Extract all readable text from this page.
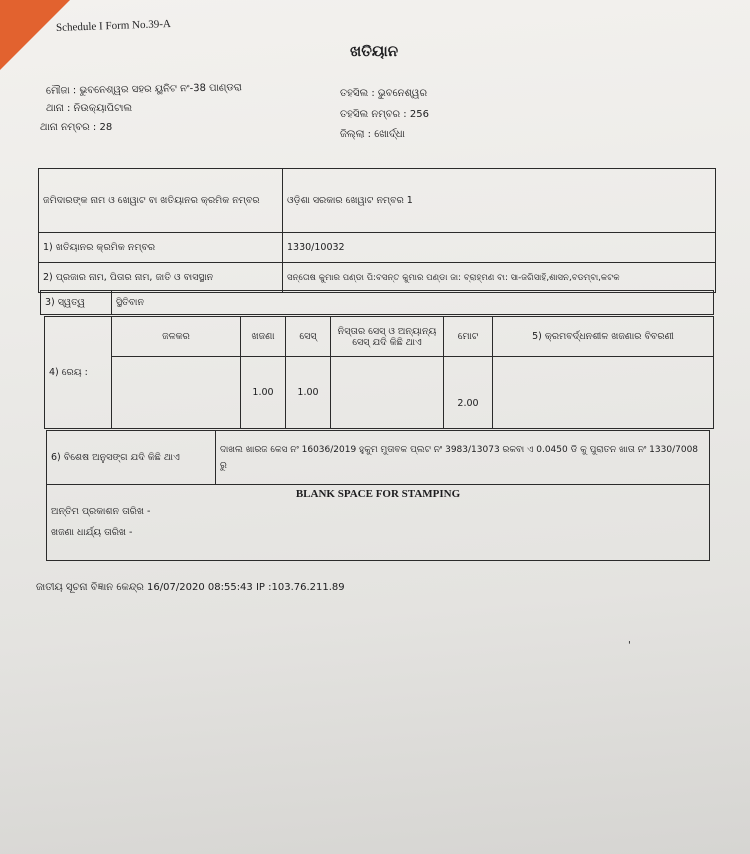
Schedule I Form No.39-A
ଖତିୟାନ
ମୌଜା : ଭୁବନେଶ୍ୱର ସହର ୟୁନିଟ ନଂ-38 ପାଣ୍ଡରା
ଥାନା : ନିଉକ୍ୟାପିଟାଲ
ଥାନା ନମ୍ବର : 28
ତହସିଲ : ଭୁବନେଶ୍ୱର
ତହସିଲ ନମ୍ବର : 256
ଜିଲ୍ଲା : ଖୋର୍ଦ୍ଧା
ଜମିଦାରଙ୍କ ନାମ ଓ ଖେୱାଟ ବା ଖତିୟାନର କ୍ରମିକ ନମ୍ବର	ଓଡ଼ିଶା ସରକାର ଖେୱାଟ ନମ୍ବର 1
1) ଖତିୟାନର କ୍ରମିକ ନମ୍ବର	1330/10032
2) ପ୍ରଜାର ନାମ, ପିତାର ନାମ, ଜାତି ଓ ବାସସ୍ଥାନ	ସନ୍ତୋଷ କୁମାର ପଣ୍ଡା ପି:ବସନ୍ତ କୁମାର ପଣ୍ଡା ଜା: ବ୍ରାହ୍ମଣ ବା: ସା-ଜଗିସାହି,ଶାସନ,ବଡମ୍ବା,କଟକ
3) ସ୍ୱତ୍ୱ	ସ୍ଥିତିବାନ
4) ରେୟ :	ଜଳକର	ଖଜଣା	ସେସ୍	ନିସ୍ତାର ସେସ୍ ଓ ଅନ୍ୟାନ୍ୟ ସେସ୍ ଯଦି କିଛି ଥାଏ	ମୋଟ	5) କ୍ରମବର୍ଦ୍ଧନଶୀଳ ଖଜଣାର ବିବରଣୀ
		1.00	1.00		2.00	
6) ବିଶେଷ ଅନୁସଙ୍ଗ ଯଦି କିଛି ଥାଏ	ଦାଖଲ ଖାରଜ କେସ ନଂ 16036/2019 ହୁକୁମ ମୁତାବକ ପ୍ଲଟ ନଂ 3983/13073 ରକବା ଏ 0.0450 ଡି କୁ ପୁରାତନ ଖାତା ନଂ 1330/7008 ରୁ

BLANK SPACE FOR STAMPING
ଅନ୍ତିମ ପ୍ରକାଶନ ତାରିଖ -
ଖଜଣା ଧାର୍ଯ୍ୟ ତାରିଖ -
ଜାତୀୟ ସୂଚନା ବିଜ୍ଞାନ କେନ୍ଦ୍ର 16/07/2020 08:55:43 IP :103.76.211.89
'
